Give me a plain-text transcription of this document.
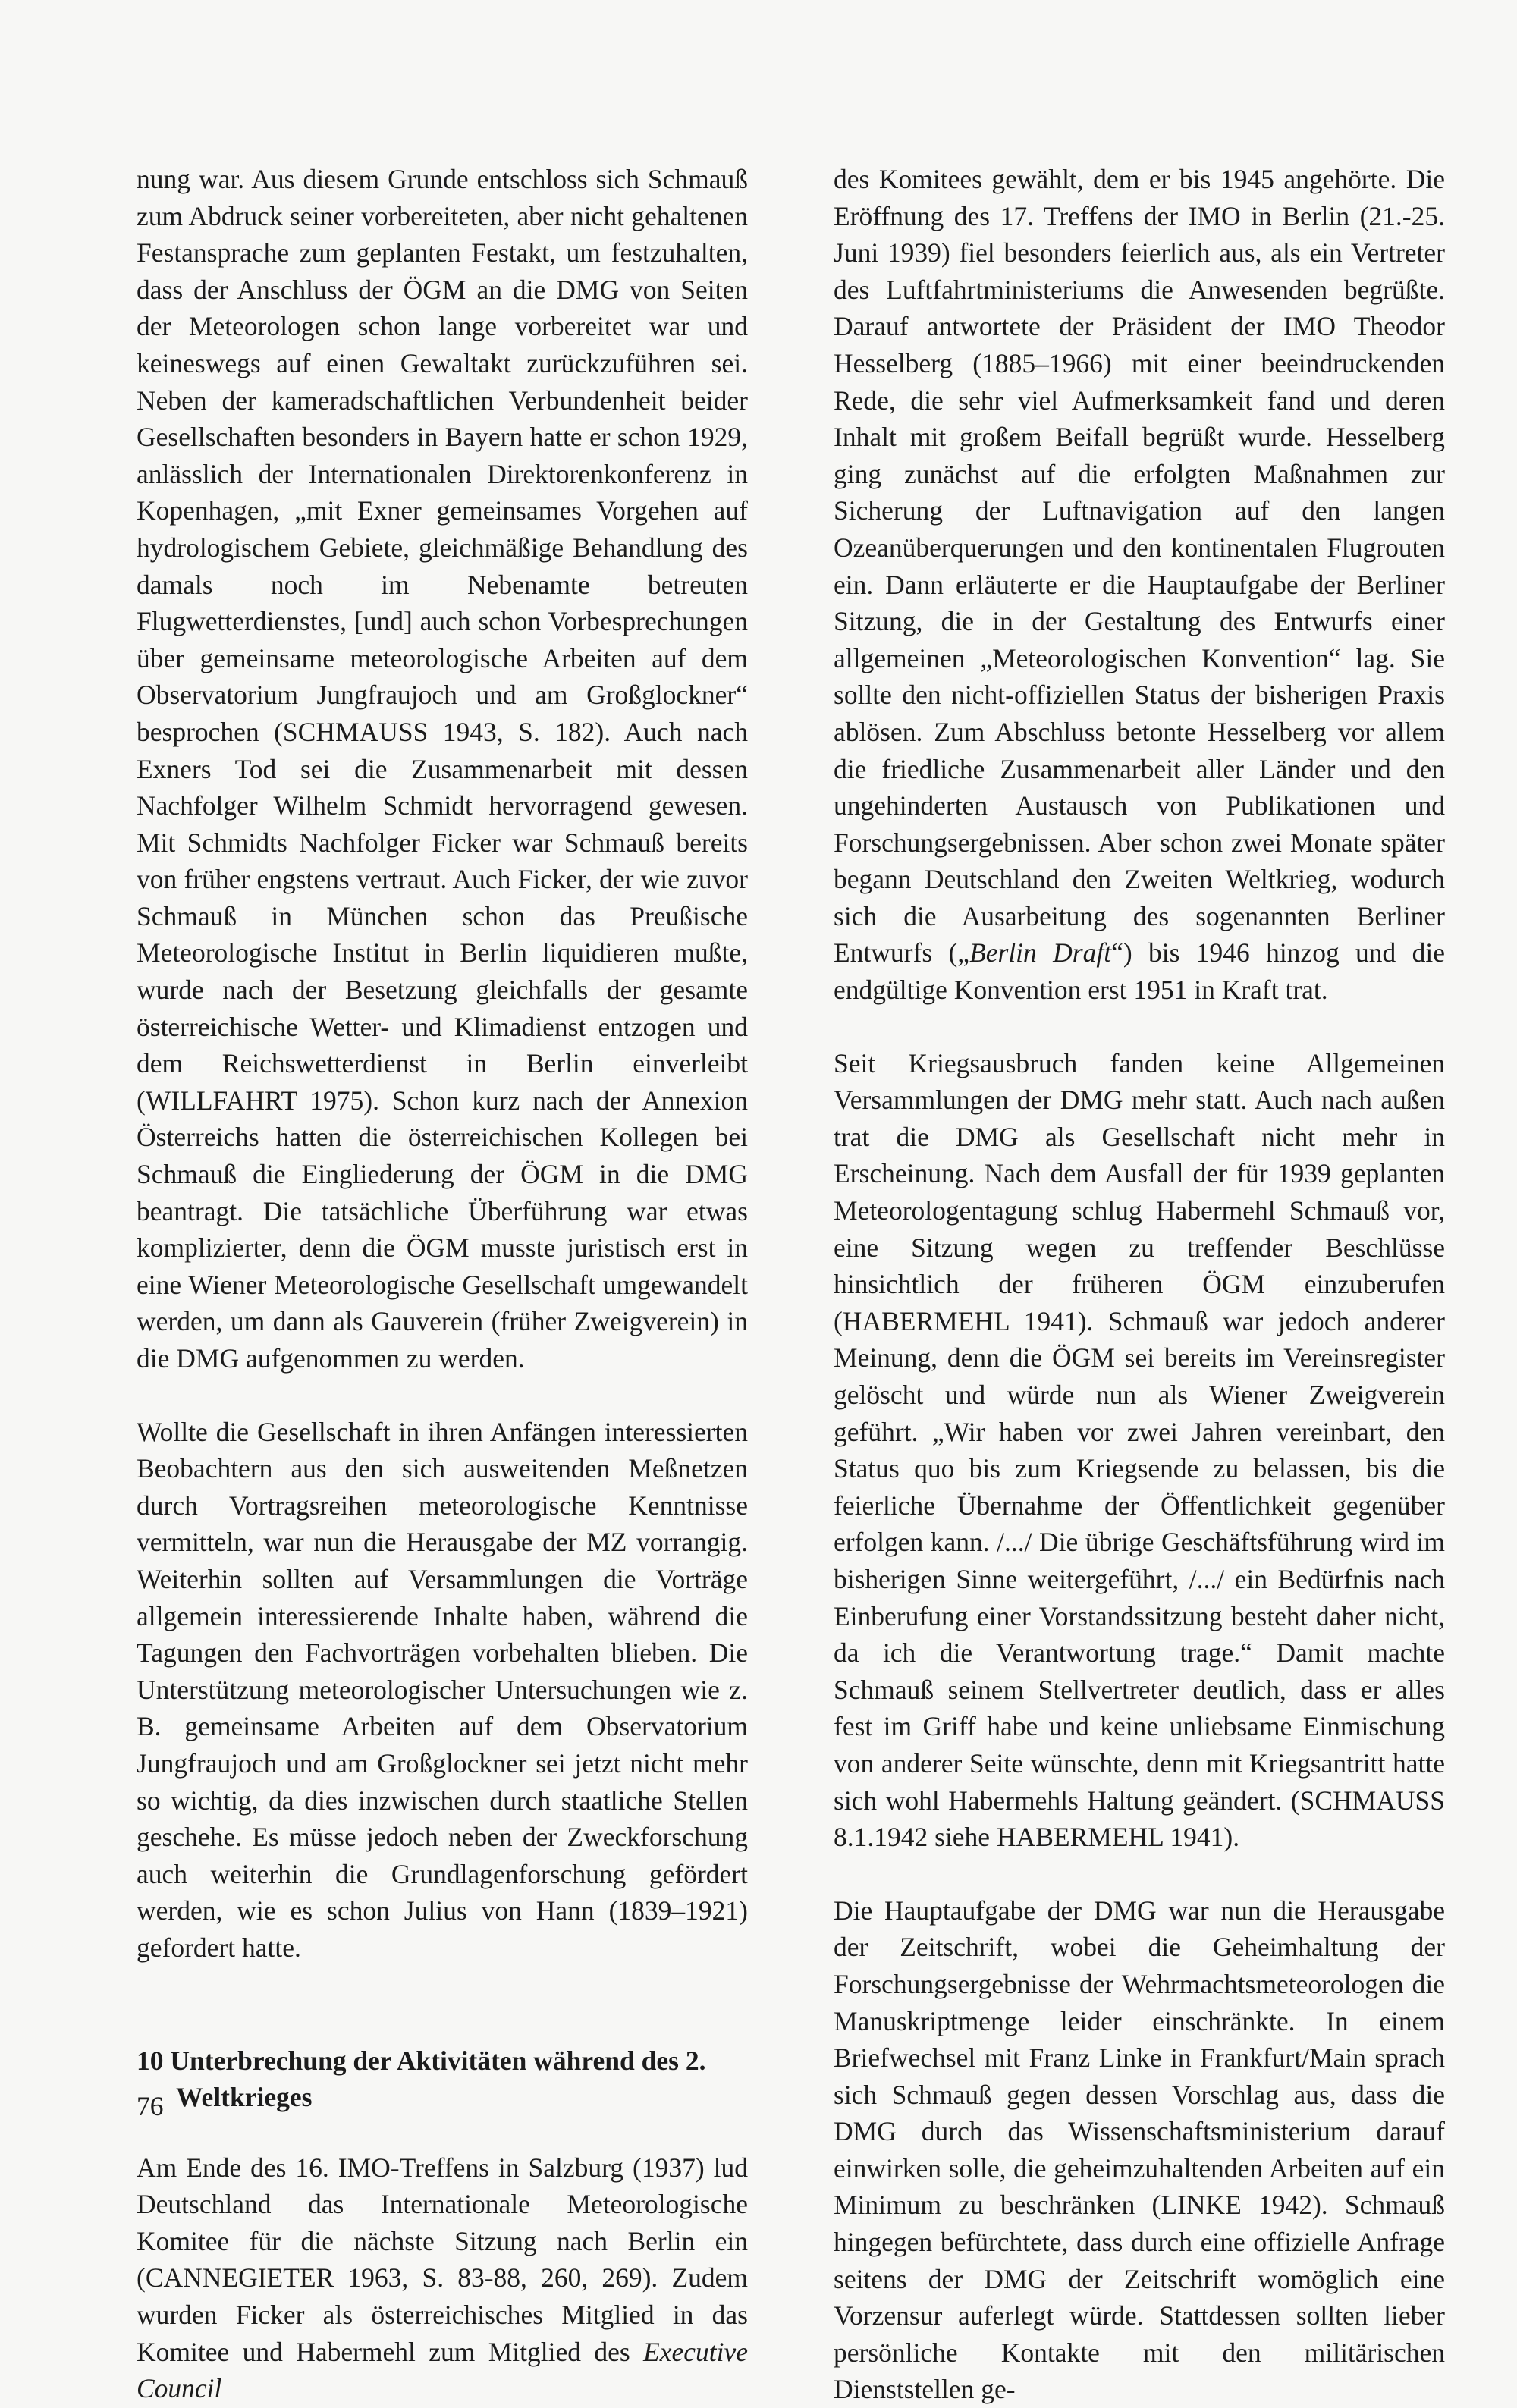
nung war. Aus diesem Grunde entschloss sich Schmauß zum Abdruck seiner vorbereiteten, aber nicht gehaltenen Festansprache zum geplanten Festakt, um festzuhalten, dass der Anschluss der ÖGM an die DMG von Seiten der Meteorologen schon lange vorbereitet war und keineswegs auf einen Gewaltakt zurückzuführen sei. Neben der kameradschaftlichen Verbundenheit beider Gesellschaften besonders in Bayern hatte er schon 1929, anlässlich der Internationalen Direktorenkonferenz in Kopenhagen, „mit Exner gemeinsames Vorgehen auf hydrologischem Gebiete, gleichmäßige Behandlung des damals noch im Nebenamte betreuten Flugwetterdienstes, [und] auch schon Vorbesprechungen über gemeinsame meteorologische Arbeiten auf dem Observatorium Jungfraujoch und am Großglockner“ besprochen (SCHMAUSS 1943, S. 182). Auch nach Exners Tod sei die Zusammenarbeit mit dessen Nachfolger Wilhelm Schmidt hervorragend gewesen. Mit Schmidts Nachfolger Ficker war Schmauß bereits von früher engstens vertraut. Auch Ficker, der wie zuvor Schmauß in München schon das Preußische Meteorologische Institut in Berlin liquidieren mußte, wurde nach der Besetzung gleichfalls der gesamte österreichische Wetter- und Klimadienst entzogen und dem Reichswetterdienst in Berlin einverleibt (WILLFAHRT 1975). Schon kurz nach der Annexion Österreichs hatten die österreichischen Kollegen bei Schmauß die Eingliederung der ÖGM in die DMG beantragt. Die tatsächliche Überführung war etwas komplizierter, denn die ÖGM musste juristisch erst in eine Wiener Meteorologische Gesellschaft umgewandelt werden, um dann als Gauverein (früher Zweigverein) in die DMG aufgenommen zu werden.

Wollte die Gesellschaft in ihren Anfängen interessierten Beobachtern aus den sich ausweitenden Meßnetzen durch Vortragsreihen meteorologische Kenntnisse vermitteln, war nun die Herausgabe der MZ vorrangig. Weiterhin sollten auf Versammlungen die Vorträge allgemein interessierende Inhalte haben, während die Tagungen den Fachvorträgen vorbehalten blieben. Die Unterstützung meteorologischer Untersuchungen wie z. B. gemeinsame Arbeiten auf dem Observatorium Jungfraujoch und am Großglockner sei jetzt nicht mehr so wichtig, da dies inzwischen durch staatliche Stellen geschehe. Es müsse jedoch neben der Zweckforschung auch weiterhin die Grundlagenforschung gefördert werden, wie es schon Julius von Hann (1839–1921) gefordert hatte.

10 Unterbrechung der Aktivitäten während des 2. Weltkrieges

Am Ende des 16. IMO-Treffens in Salzburg (1937) lud Deutschland das Internationale Meteorologische Komitee für die nächste Sitzung nach Berlin ein (CANNEGIETER 1963, S. 83-88, 260, 269). Zudem wurden Ficker als österreichisches Mitglied in das Komitee und Habermehl zum Mitglied des Executive Council

des Komitees gewählt, dem er bis 1945 angehörte. Die Eröffnung des 17. Treffens der IMO in Berlin (21.-25. Juni 1939) fiel besonders feierlich aus, als ein Vertreter des Luftfahrtministeriums die Anwesenden begrüßte. Darauf antwortete der Präsident der IMO Theodor Hesselberg (1885–1966) mit einer beeindruckenden Rede, die sehr viel Aufmerksamkeit fand und deren Inhalt mit großem Beifall begrüßt wurde. Hesselberg ging zunächst auf die erfolgten Maßnahmen zur Sicherung der Luftnavigation auf den langen Ozeanüberquerungen und den kontinentalen Flugrouten ein. Dann erläuterte er die Hauptaufgabe der Berliner Sitzung, die in der Gestaltung des Entwurfs einer allgemeinen „Meteorologischen Konvention“ lag. Sie sollte den nicht-offiziellen Status der bisherigen Praxis ablösen. Zum Abschluss betonte Hesselberg vor allem die friedliche Zusammenarbeit aller Länder und den ungehinderten Austausch von Publikationen und Forschungsergebnissen. Aber schon zwei Monate später begann Deutschland den Zweiten Weltkrieg, wodurch sich die Ausarbeitung des sogenannten Berliner Entwurfs („Berlin Draft“) bis 1946 hinzog und die endgültige Konvention erst 1951 in Kraft trat.

Seit Kriegsausbruch fanden keine Allgemeinen Versammlungen der DMG mehr statt. Auch nach außen trat die DMG als Gesellschaft nicht mehr in Erscheinung. Nach dem Ausfall der für 1939 geplanten Meteorologentagung schlug Habermehl Schmauß vor, eine Sitzung wegen zu treffender Beschlüsse hinsichtlich der früheren ÖGM einzuberufen (HABERMEHL 1941). Schmauß war jedoch anderer Meinung, denn die ÖGM sei bereits im Vereinsregister gelöscht und würde nun als Wiener Zweigverein geführt. „Wir haben vor zwei Jahren vereinbart, den Status quo bis zum Kriegsende zu belassen, bis die feierliche Übernahme der Öffentlichkeit gegenüber erfolgen kann. /.../ Die übrige Geschäftsführung wird im bisherigen Sinne weitergeführt, /.../ ein Bedürfnis nach Einberufung einer Vorstandssitzung besteht daher nicht, da ich die Verantwortung trage.“ Damit machte Schmauß seinem Stellvertreter deutlich, dass er alles fest im Griff habe und keine unliebsame Einmischung von anderer Seite wünschte, denn mit Kriegsantritt hatte sich wohl Habermehls Haltung geändert. (SCHMAUSS 8.1.1942 siehe HABERMEHL 1941).

Die Hauptaufgabe der DMG war nun die Herausgabe der Zeitschrift, wobei die Geheimhaltung der Forschungsergebnisse der Wehrmachtsmeteorologen die Manuskriptmenge leider einschränkte. In einem Briefwechsel mit Franz Linke in Frankfurt/Main sprach sich Schmauß gegen dessen Vorschlag aus, dass die DMG durch das Wissenschaftsministerium darauf einwirken solle, die geheimzuhaltenden Arbeiten auf ein Minimum zu beschränken (LINKE 1942). Schmauß hingegen befürchtete, dass durch eine offizielle Anfrage seitens der DMG der Zeitschrift womöglich eine Vorzensur auferlegt würde. Stattdessen sollten lieber persönliche Kontakte mit den militärischen Dienststellen ge-

76
